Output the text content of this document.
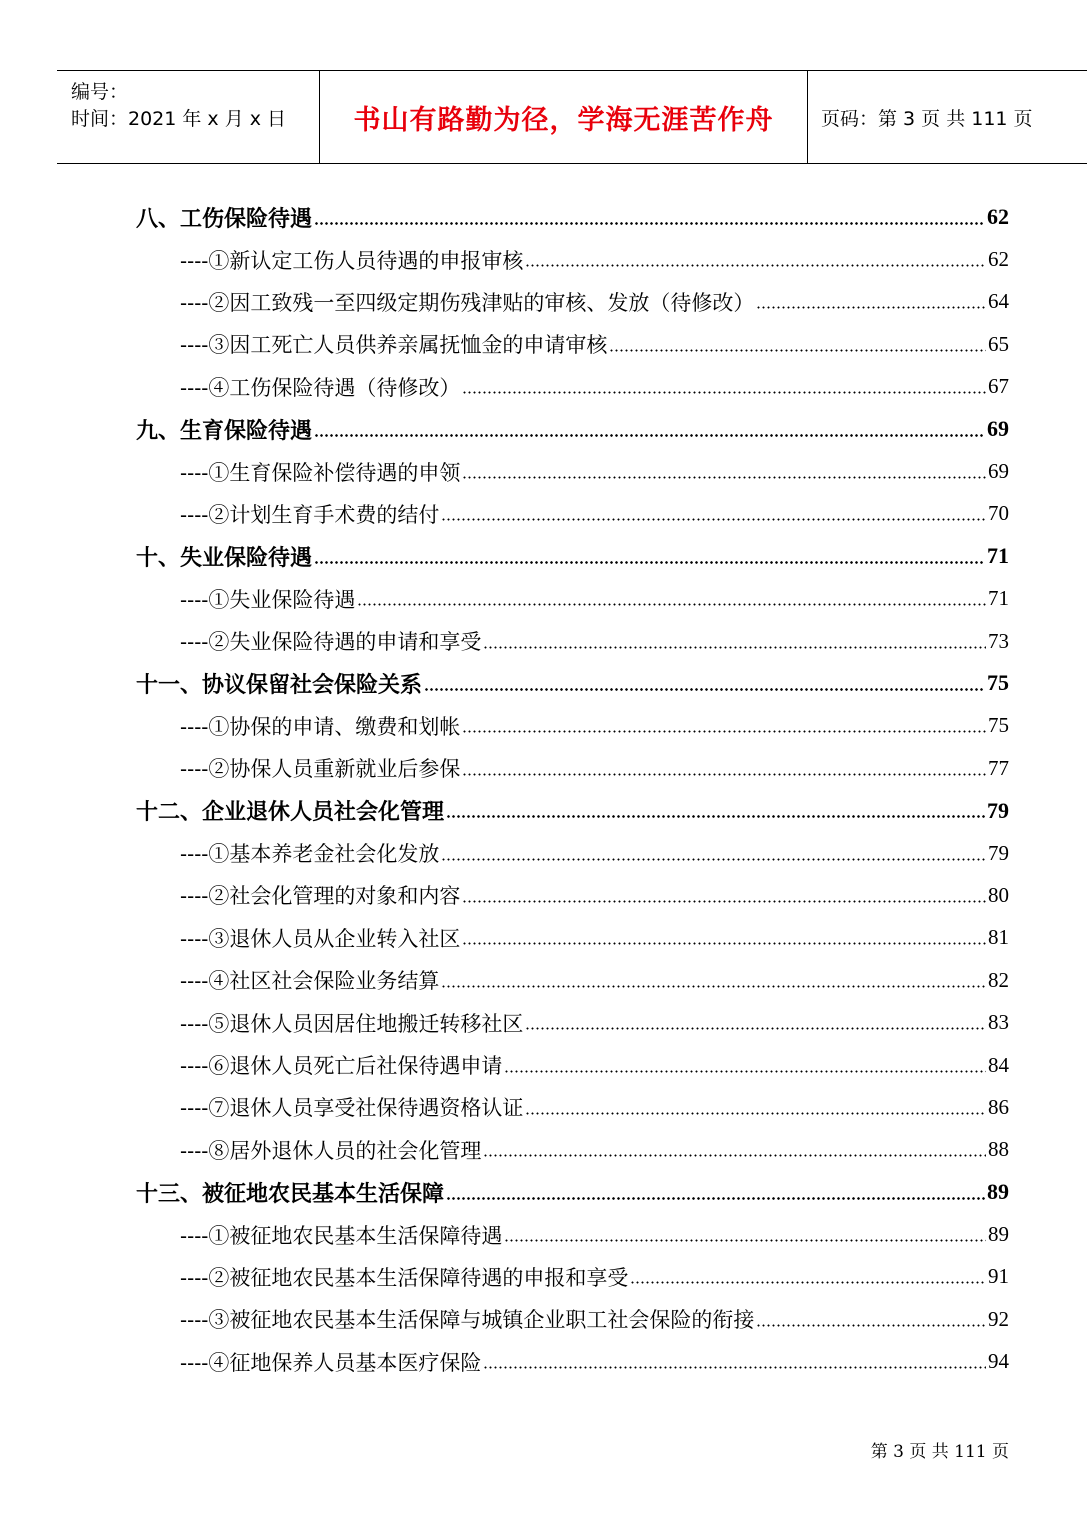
编号：
时间：2021 年 x 月 x 日 书山有路勤为径，学海无涯苦作舟	页码：第 3 页 共 111 页
八、工伤保险待遇	62
----①新认定工伤人员待遇的申报审核	62
----②因工致残一至四级定期伤残津贴的审核、发放（待修改）	64
----③因工死亡人员供养亲属抚恤金的申请审核	65
----④工伤保险待遇（待修改）	67
九、生育保险待遇	69
----①生育保险补偿待遇的申领	69
----②计划生育手术费的结付	70
十、失业保险待遇	71
----①失业保险待遇	71
----②失业保险待遇的申请和享受	73
十一、协议保留社会保险关系	75
----①协保的申请、缴费和划帐	75
----②协保人员重新就业后参保	77
十二、企业退休人员社会化管理	79
----①基本养老金社会化发放	79
----②社会化管理的对象和内容	80
----③退休人员从企业转入社区	81
----④社区社会保险业务结算	82
----⑤退休人员因居住地搬迁转移社区	83
----⑥退休人员死亡后社保待遇申请	84
----⑦退休人员享受社保待遇资格认证	86
----⑧居外退休人员的社会化管理	88
十三、被征地农民基本生活保障	89
----①被征地农民基本生活保障待遇	89
----②被征地农民基本生活保障待遇的申报和享受	91
----③被征地农民基本生活保障与城镇企业职工社会保险的衔接	92
----④征地保养人员基本医疗保险	94
第 3 页 共 111 页
